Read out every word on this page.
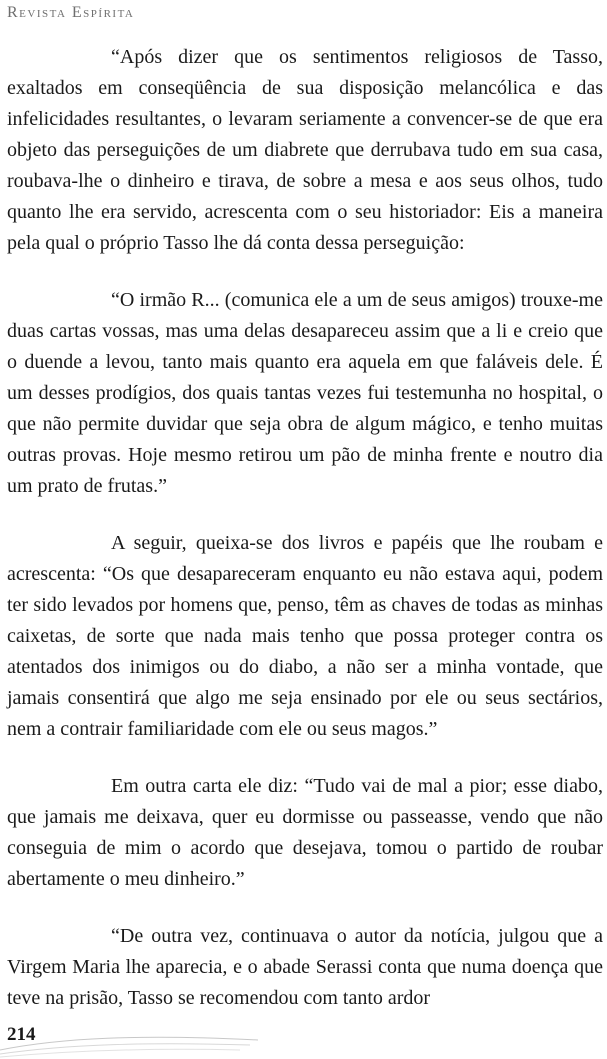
Revista Espírita

“Após dizer que os sentimentos religiosos de Tasso, exaltados em conseqüência de sua disposição melancólica e das infelicidades resultantes, o levaram seriamente a convencer-se de que era objeto das perseguições de um diabrete que derrubava tudo em sua casa, roubava-lhe o dinheiro e tirava, de sobre a mesa e aos seus olhos, tudo quanto lhe era servido, acrescenta com o seu historiador: Eis a maneira pela qual o próprio Tasso lhe dá conta dessa perseguição:

“O irmão R... (comunica ele a um de seus amigos) trouxe-me duas cartas vossas, mas uma delas desapareceu assim que a li e creio que o duende a levou, tanto mais quanto era aquela em que faláveis dele. É um desses prodígios, dos quais tantas vezes fui testemunha no hospital, o que não permite duvidar que seja obra de algum mágico, e tenho muitas outras provas. Hoje mesmo retirou um pão de minha frente e noutro dia um prato de frutas.”

A seguir, queixa-se dos livros e papéis que lhe roubam e acrescenta: “Os que desapareceram enquanto eu não estava aqui, podem ter sido levados por homens que, penso, têm as chaves de todas as minhas caixetas, de sorte que nada mais tenho que possa proteger contra os atentados dos inimigos ou do diabo, a não ser a minha vontade, que jamais consentirá que algo me seja ensinado por ele ou seus sectários, nem a contrair familiaridade com ele ou seus magos.”

Em outra carta ele diz: “Tudo vai de mal a pior; esse diabo, que jamais me deixava, quer eu dormisse ou passeasse, vendo que não conseguia de mim o acordo que desejava, tomou o partido de roubar abertamente o meu dinheiro.”

“De outra vez, continuava o autor da notícia, julgou que a Virgem Maria lhe aparecia, e o abade Serassi conta que numa doença que teve na prisão, Tasso se recomendou com tanto ardor

214
